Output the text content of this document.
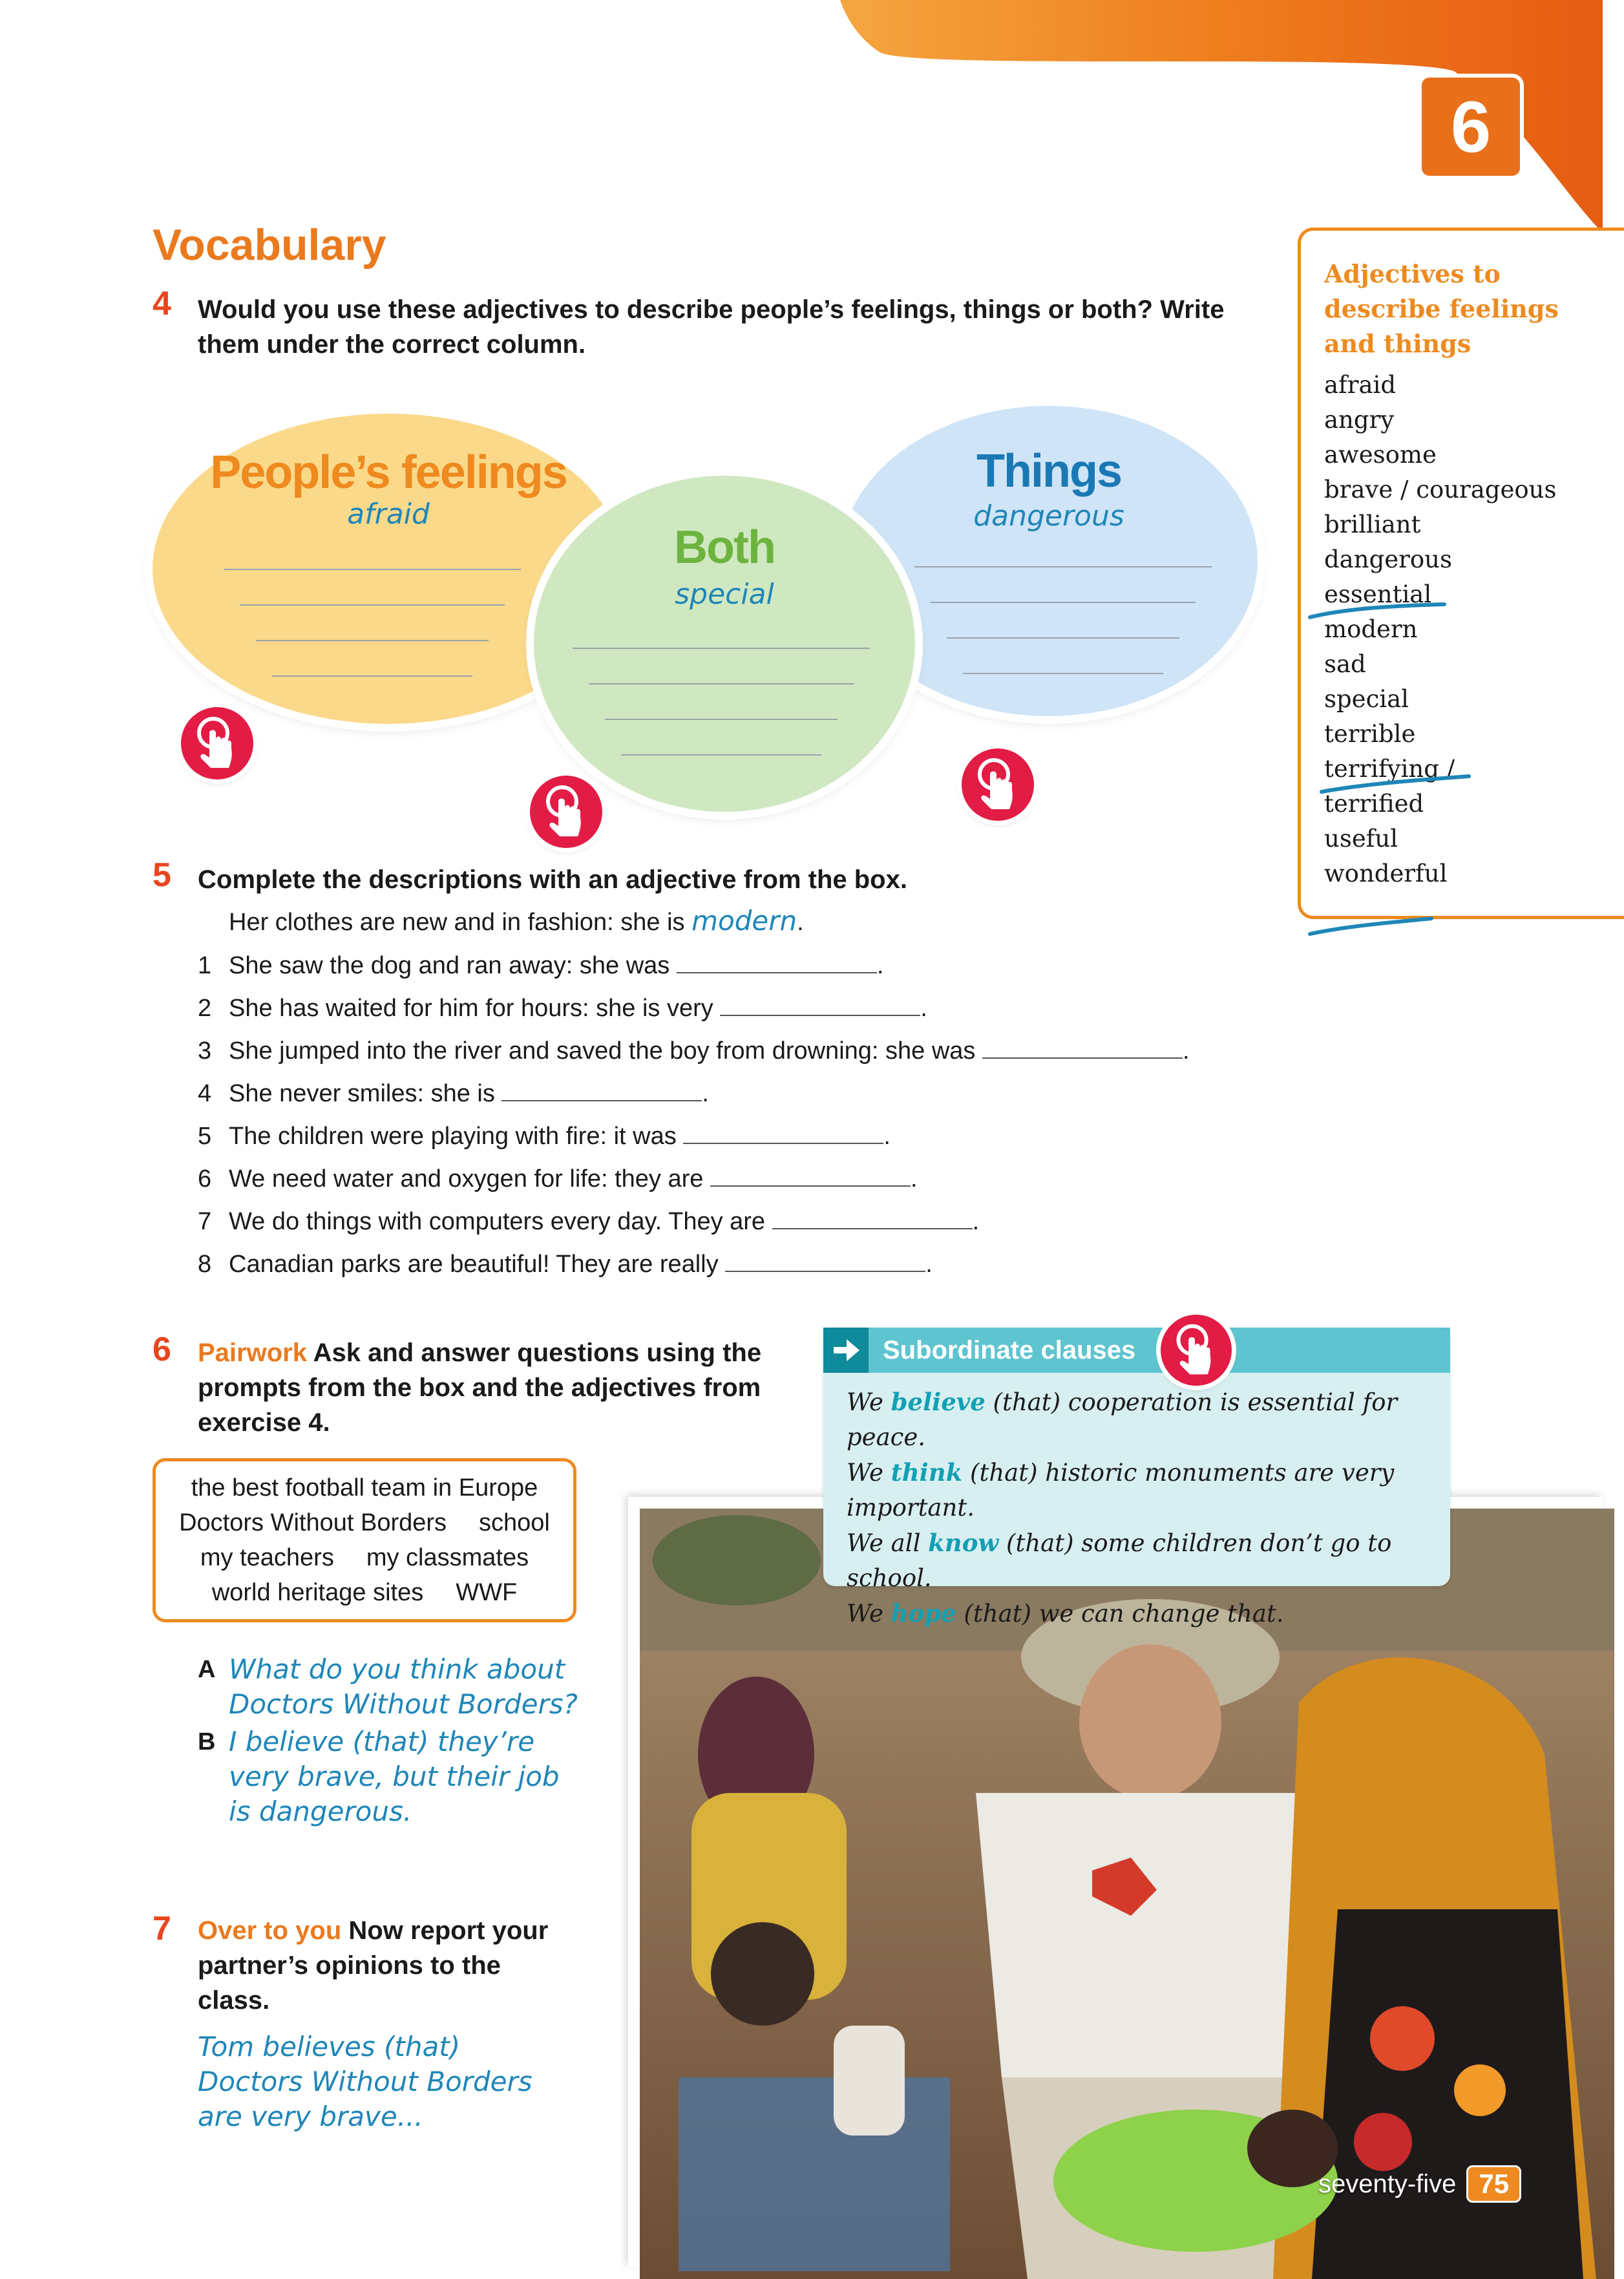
6
Vocabulary
4 Would you use these adjectives to describe people’s feelings, things or both? Write them under the correct column.
People’s feelings
afraid
Things
dangerous
Both
special
Adjectives to describe feelings and things
afraid
angry
awesome
brave / courageous
brilliant
dangerous
essential
modern
sad
special
terrible
terrifying /
terrified
useful
wonderful
5 Complete the descriptions with an adjective from the box.
Her clothes are new and in fashion: she is modern.
1 She saw the dog and ran away: she was	.
2 She has waited for him for hours: she is very	.
3 She jumped into the river and saved the boy from drowning: she was	.
4 She never smiles: she is	.
5 The children were playing with fire: it was	.
6 We need water and oxygen for life: they are	.
7 We do things with computers every day. They are	.
8 Canadian parks are beautiful! They are really	.
Subordinate clauses
We believe (that) cooperation is essential for peace.
We think (that) historic monuments are very important.
We all know (that) some children don’t go to school.
We hope (that) we can change that.
6 Pairwork Ask and answer questions using the prompts from the box and the adjectives from exercise 4.
the best football team in Europe
Doctors Without Borders school
my teachers my classmates
world heritage sites WWF
A What do you think about Doctors Without Borders?
B I believe (that) they’re very brave, but their job is dangerous.
7 Over to you Now report your partner’s opinions to the class.
Tom believes (that) Doctors Without Borders are very brave...
seventy-five 75
